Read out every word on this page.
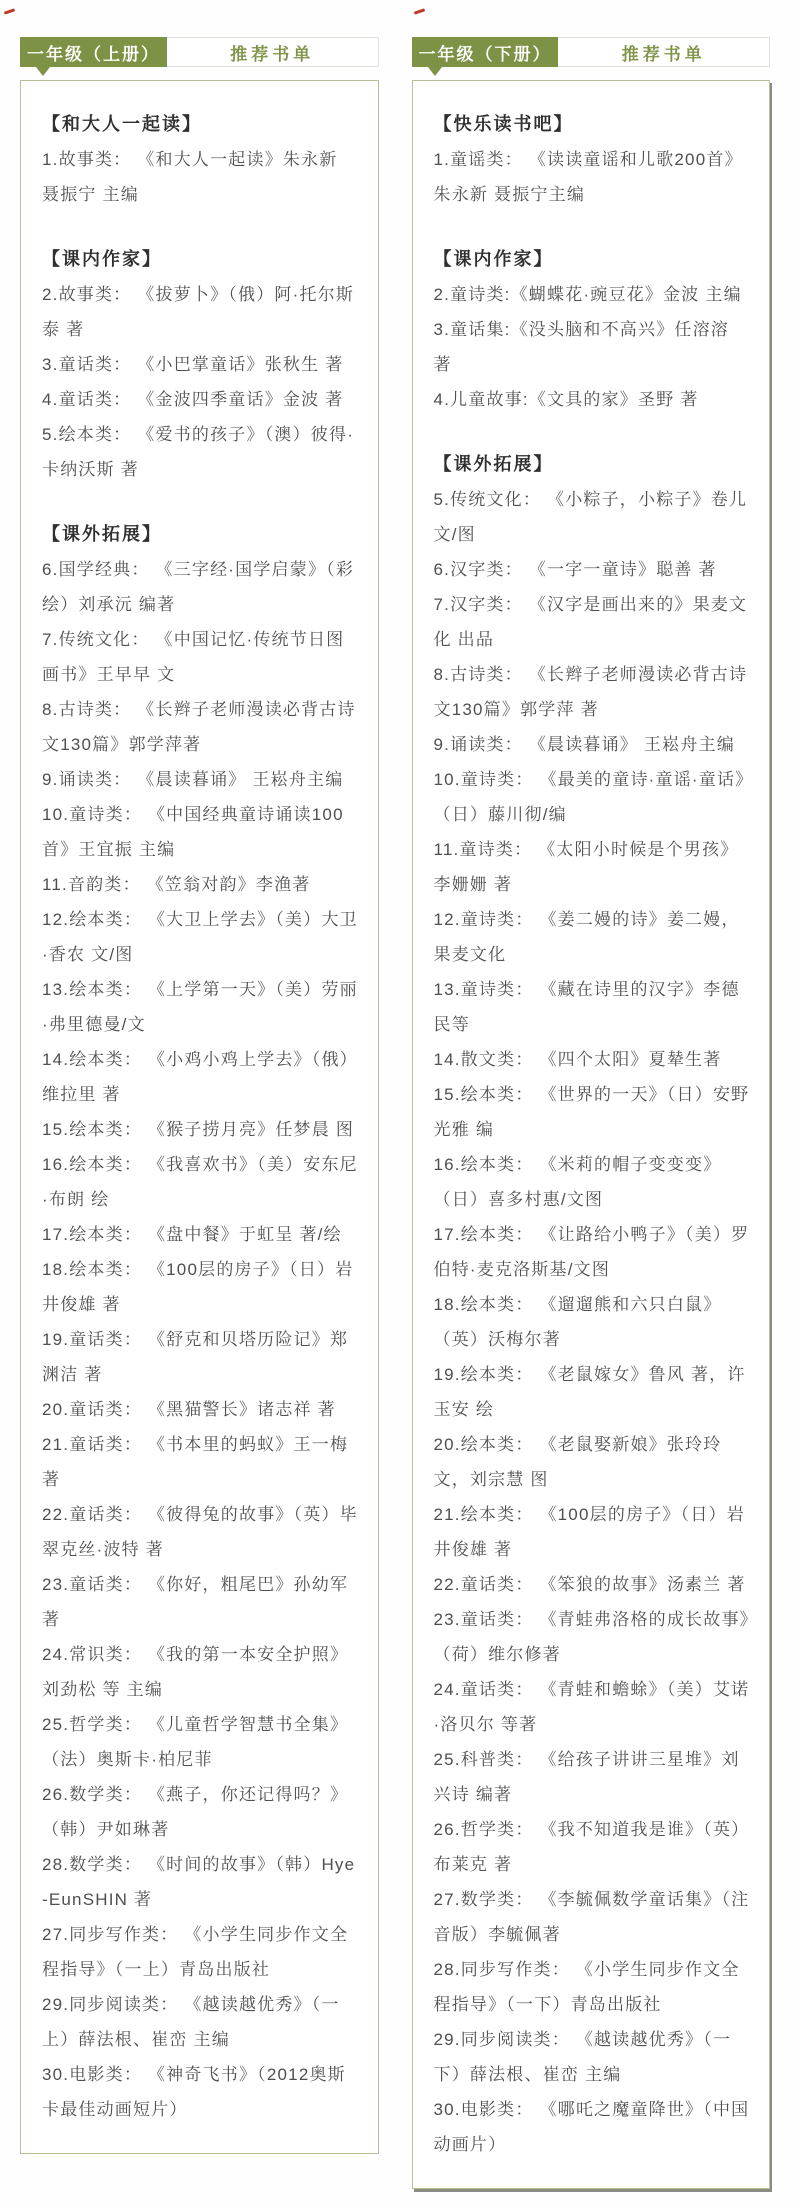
一年级（上册）	推荐书单
【和大人一起读】
1.故事类： 《和大人一起读》朱永新 聂振宁 主编
【课内作家】
2.故事类： 《拔萝卜》（俄）阿·托尔斯泰 著
3.童话类： 《小巴掌童话》张秋生 著
4.童话类： 《金波四季童话》金波 著
5.绘本类： 《爱书的孩子》（澳）彼得·卡纳沃斯 著
【课外拓展】
6.国学经典： 《三字经·国学启蒙》（彩绘）刘承沅 编著
7.传统文化： 《中国记忆·传统节日图画书》王早早 文
8.古诗类： 《长辫子老师漫读必背古诗文130篇》郭学萍著
9.诵读类： 《晨读暮诵》 王崧舟主编
10.童诗类： 《中国经典童诗诵读100首》王宜振 主编
11.音韵类： 《笠翁对韵》李渔著
12.绘本类： 《大卫上学去》（美）大卫·香农 文/图
13.绘本类： 《上学第一天》（美）劳丽·弗里德曼/文
14.绘本类： 《小鸡小鸡上学去》（俄）维拉里 著
15.绘本类： 《猴子捞月亮》任梦晨 图
16.绘本类： 《我喜欢书》（美）安东尼·布朗 绘
17.绘本类： 《盘中餐》于虹呈 著/绘
18.绘本类： 《100层的房子》（日）岩井俊雄 著
19.童话类： 《舒克和贝塔历险记》郑渊洁 著
20.童话类： 《黑猫警长》诸志祥 著
21.童话类： 《书本里的蚂蚁》王一梅 著
22.童话类： 《彼得兔的故事》（英）毕翠克丝·波特 著
23.童话类： 《你好，粗尾巴》孙幼军 著
24.常识类： 《我的第一本安全护照》刘劲松 等 主编
25.哲学类： 《儿童哲学智慧书全集》（法）奥斯卡·柏尼菲
26.数学类： 《燕子，你还记得吗？》（韩）尹如琳著
28.数学类： 《时间的故事》（韩）Hye-EunSHIN 著
27.同步写作类： 《小学生同步作文全程指导》（一上）青岛出版社
29.同步阅读类： 《越读越优秀》（一上）薛法根、崔峦 主编
30.电影类： 《神奇飞书》（2012奥斯卡最佳动画短片）
一年级（下册）	推荐书单
【快乐读书吧】
1.童谣类： 《读读童谣和儿歌200首》朱永新 聂振宁主编
【课内作家】
2.童诗类:《蝴蝶花·豌豆花》金波 主编
3.童话集:《没头脑和不高兴》任溶溶 著
4.儿童故事:《文具的家》圣野 著
【课外拓展】
5.传统文化： 《小粽子，小粽子》卷儿 文/图
6.汉字类： 《一字一童诗》聪善 著
7.汉字类： 《汉字是画出来的》果麦文化 出品
8.古诗类： 《长辫子老师漫读必背古诗文130篇》郭学萍 著
9.诵读类： 《晨读暮诵》 王崧舟主编
10.童诗类： 《最美的童诗·童谣·童话》（日）藤川彻/编
11.童诗类： 《太阳小时候是个男孩》李姗姗 著
12.童诗类： 《姜二嫚的诗》姜二嫚，果麦文化
13.童诗类： 《藏在诗里的汉字》李德民等
14.散文类： 《四个太阳》夏辇生著
15.绘本类： 《世界的一天》（日）安野光雅 编
16.绘本类： 《米莉的帽子变变变》（日）喜多村惠/文图
17.绘本类： 《让路给小鸭子》（美）罗伯特·麦克洛斯基/文图
18.绘本类： 《遛遛熊和六只白鼠》（英）沃梅尔著
19.绘本类： 《老鼠嫁女》鲁风 著，许玉安 绘
20.绘本类： 《老鼠娶新娘》张玲玲 文，刘宗慧 图
21.绘本类： 《100层的房子》（日）岩井俊雄 著
22.童话类： 《笨狼的故事》汤素兰 著
23.童话类： 《青蛙弗洛格的成长故事》（荷）维尔修著
24.童话类： 《青蛙和蟾蜍》（美）艾诺·洛贝尔 等著
25.科普类： 《给孩子讲讲三星堆》刘兴诗 编著
26.哲学类： 《我不知道我是谁》（英）布莱克 著
27.数学类： 《李毓佩数学童话集》（注音版）李毓佩著
28.同步写作类： 《小学生同步作文全程指导》（一下）青岛出版社
29.同步阅读类： 《越读越优秀》（一下）薛法根、崔峦 主编
30.电影类： 《哪吒之魔童降世》（中国动画片）
